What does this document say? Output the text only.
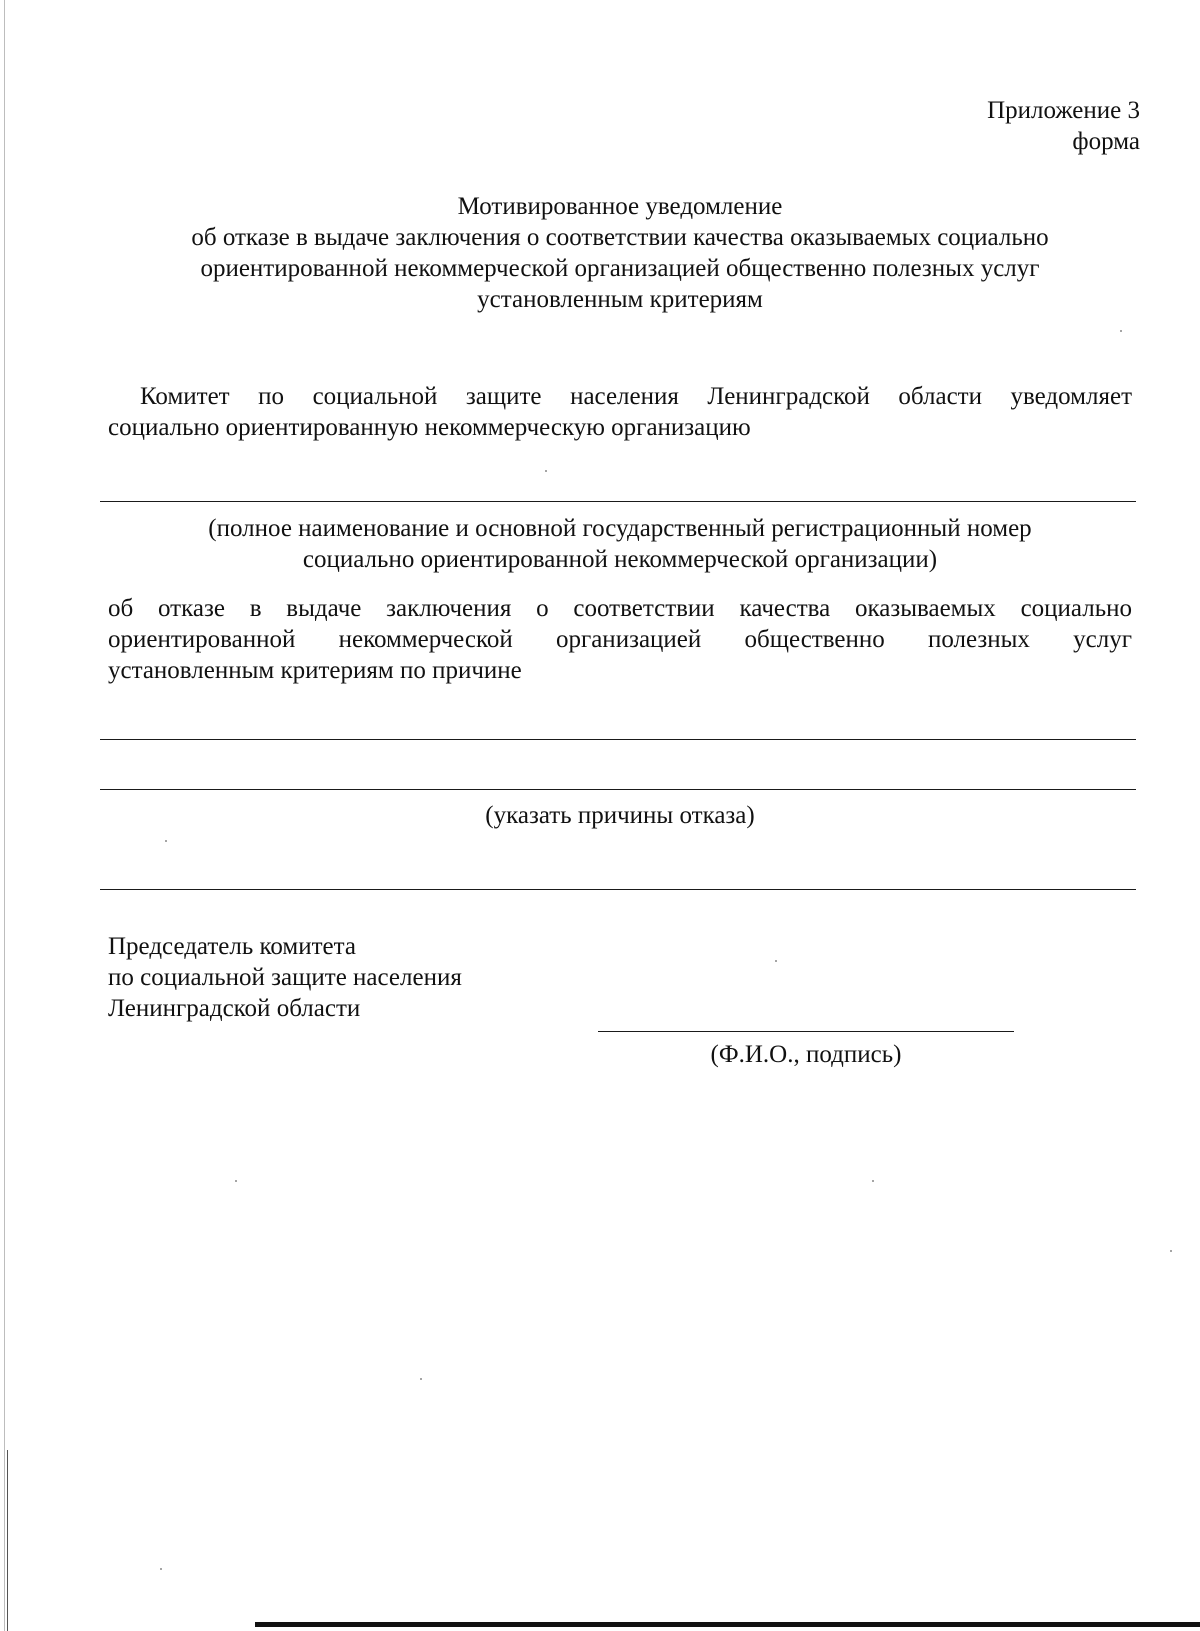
Приложение 3
форма
Мотивированное уведомление
об отказе в выдаче заключения о соответствии качества оказываемых социально
ориентированной некоммерческой организацией общественно полезных услуг
установленным критериям
Комитет по социальной защите населения Ленинградской области уведомляет
социально ориентированную некоммерческую организацию
(полное наименование и основной государственный регистрационный номер
социально ориентированной некоммерческой организации)
об отказе в выдаче заключения о соответствии качества оказываемых социально
ориентированной некоммерческой организацией общественно полезных услуг
установленным критериям по причине
(указать причины отказа)
Председатель комитета
по социальной защите населения
Ленинградской области
(Ф.И.О., подпись)
